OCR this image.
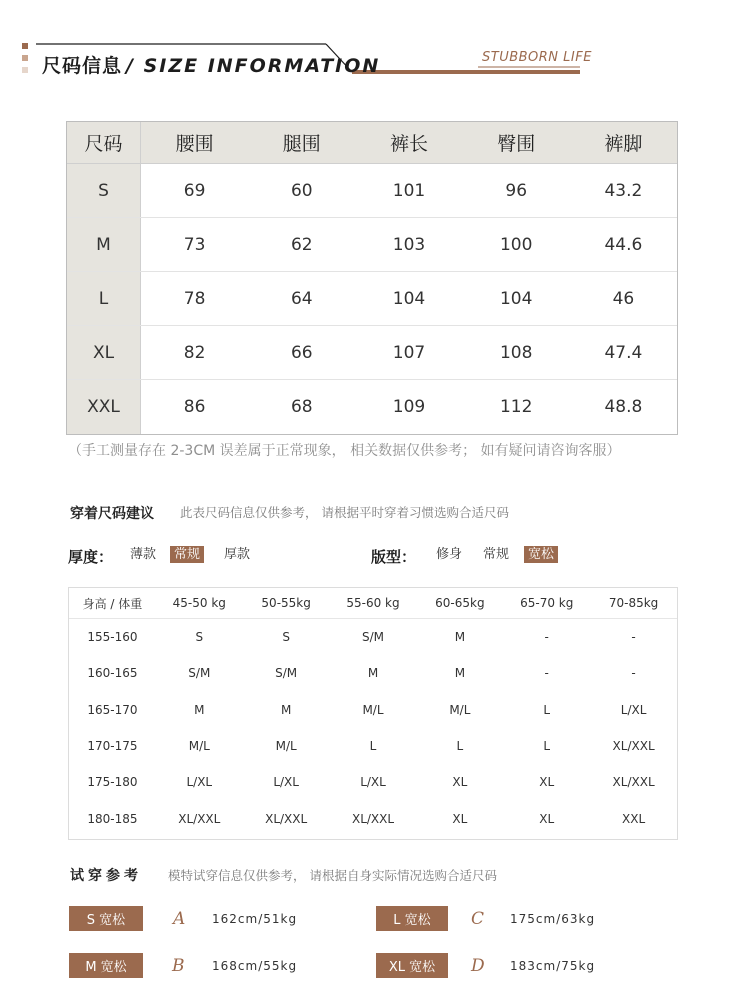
尺码信息 / SIZE INFORMATION	STUBBORN LIFE
尺码	腰围	腿围	裤长	臀围	裤脚
S	69	60	101	96	43.2
M	73	62	103	100	44.6
L	78	64	104	104	46
XL	82	66	107	108	47.4
XXL	86	68	109	112	48.8
（手工测量存在 2-3CM 误差属于正常现象， 相关数据仅供参考； 如有疑问请咨询客服）
穿着尺码建议 此表尺码信息仅供参考， 请根据平时穿着习惯选购合适尺码
厚度：	薄款	常规	厚款	版型：	修身	常规	宽松
身高 / 体重	45-50 kg	50-55kg	55-60 kg	60-65kg	65-70 kg	70-85kg
155-160	S	S	S/M	M	-	-
160-165	S/M	S/M	M	M	-	-
165-170	M	M	M/L	M/L	L	L/XL
170-175	M/L	M/L	L	L	L	XL/XXL
175-180	L/XL	L/XL	L/XL	XL	XL	XL/XXL
180-185	XL/XXL	XL/XXL	XL/XXL	XL	XL	XXL
试穿参考 模特试穿信息仅供参考， 请根据自身实际情况选购合适尺码
S 宽松	A 162cm/51kg	L 宽松	C 175cm/63kg
M 宽松	B 168cm/55kg	XL 宽松	D 183cm/75kg
